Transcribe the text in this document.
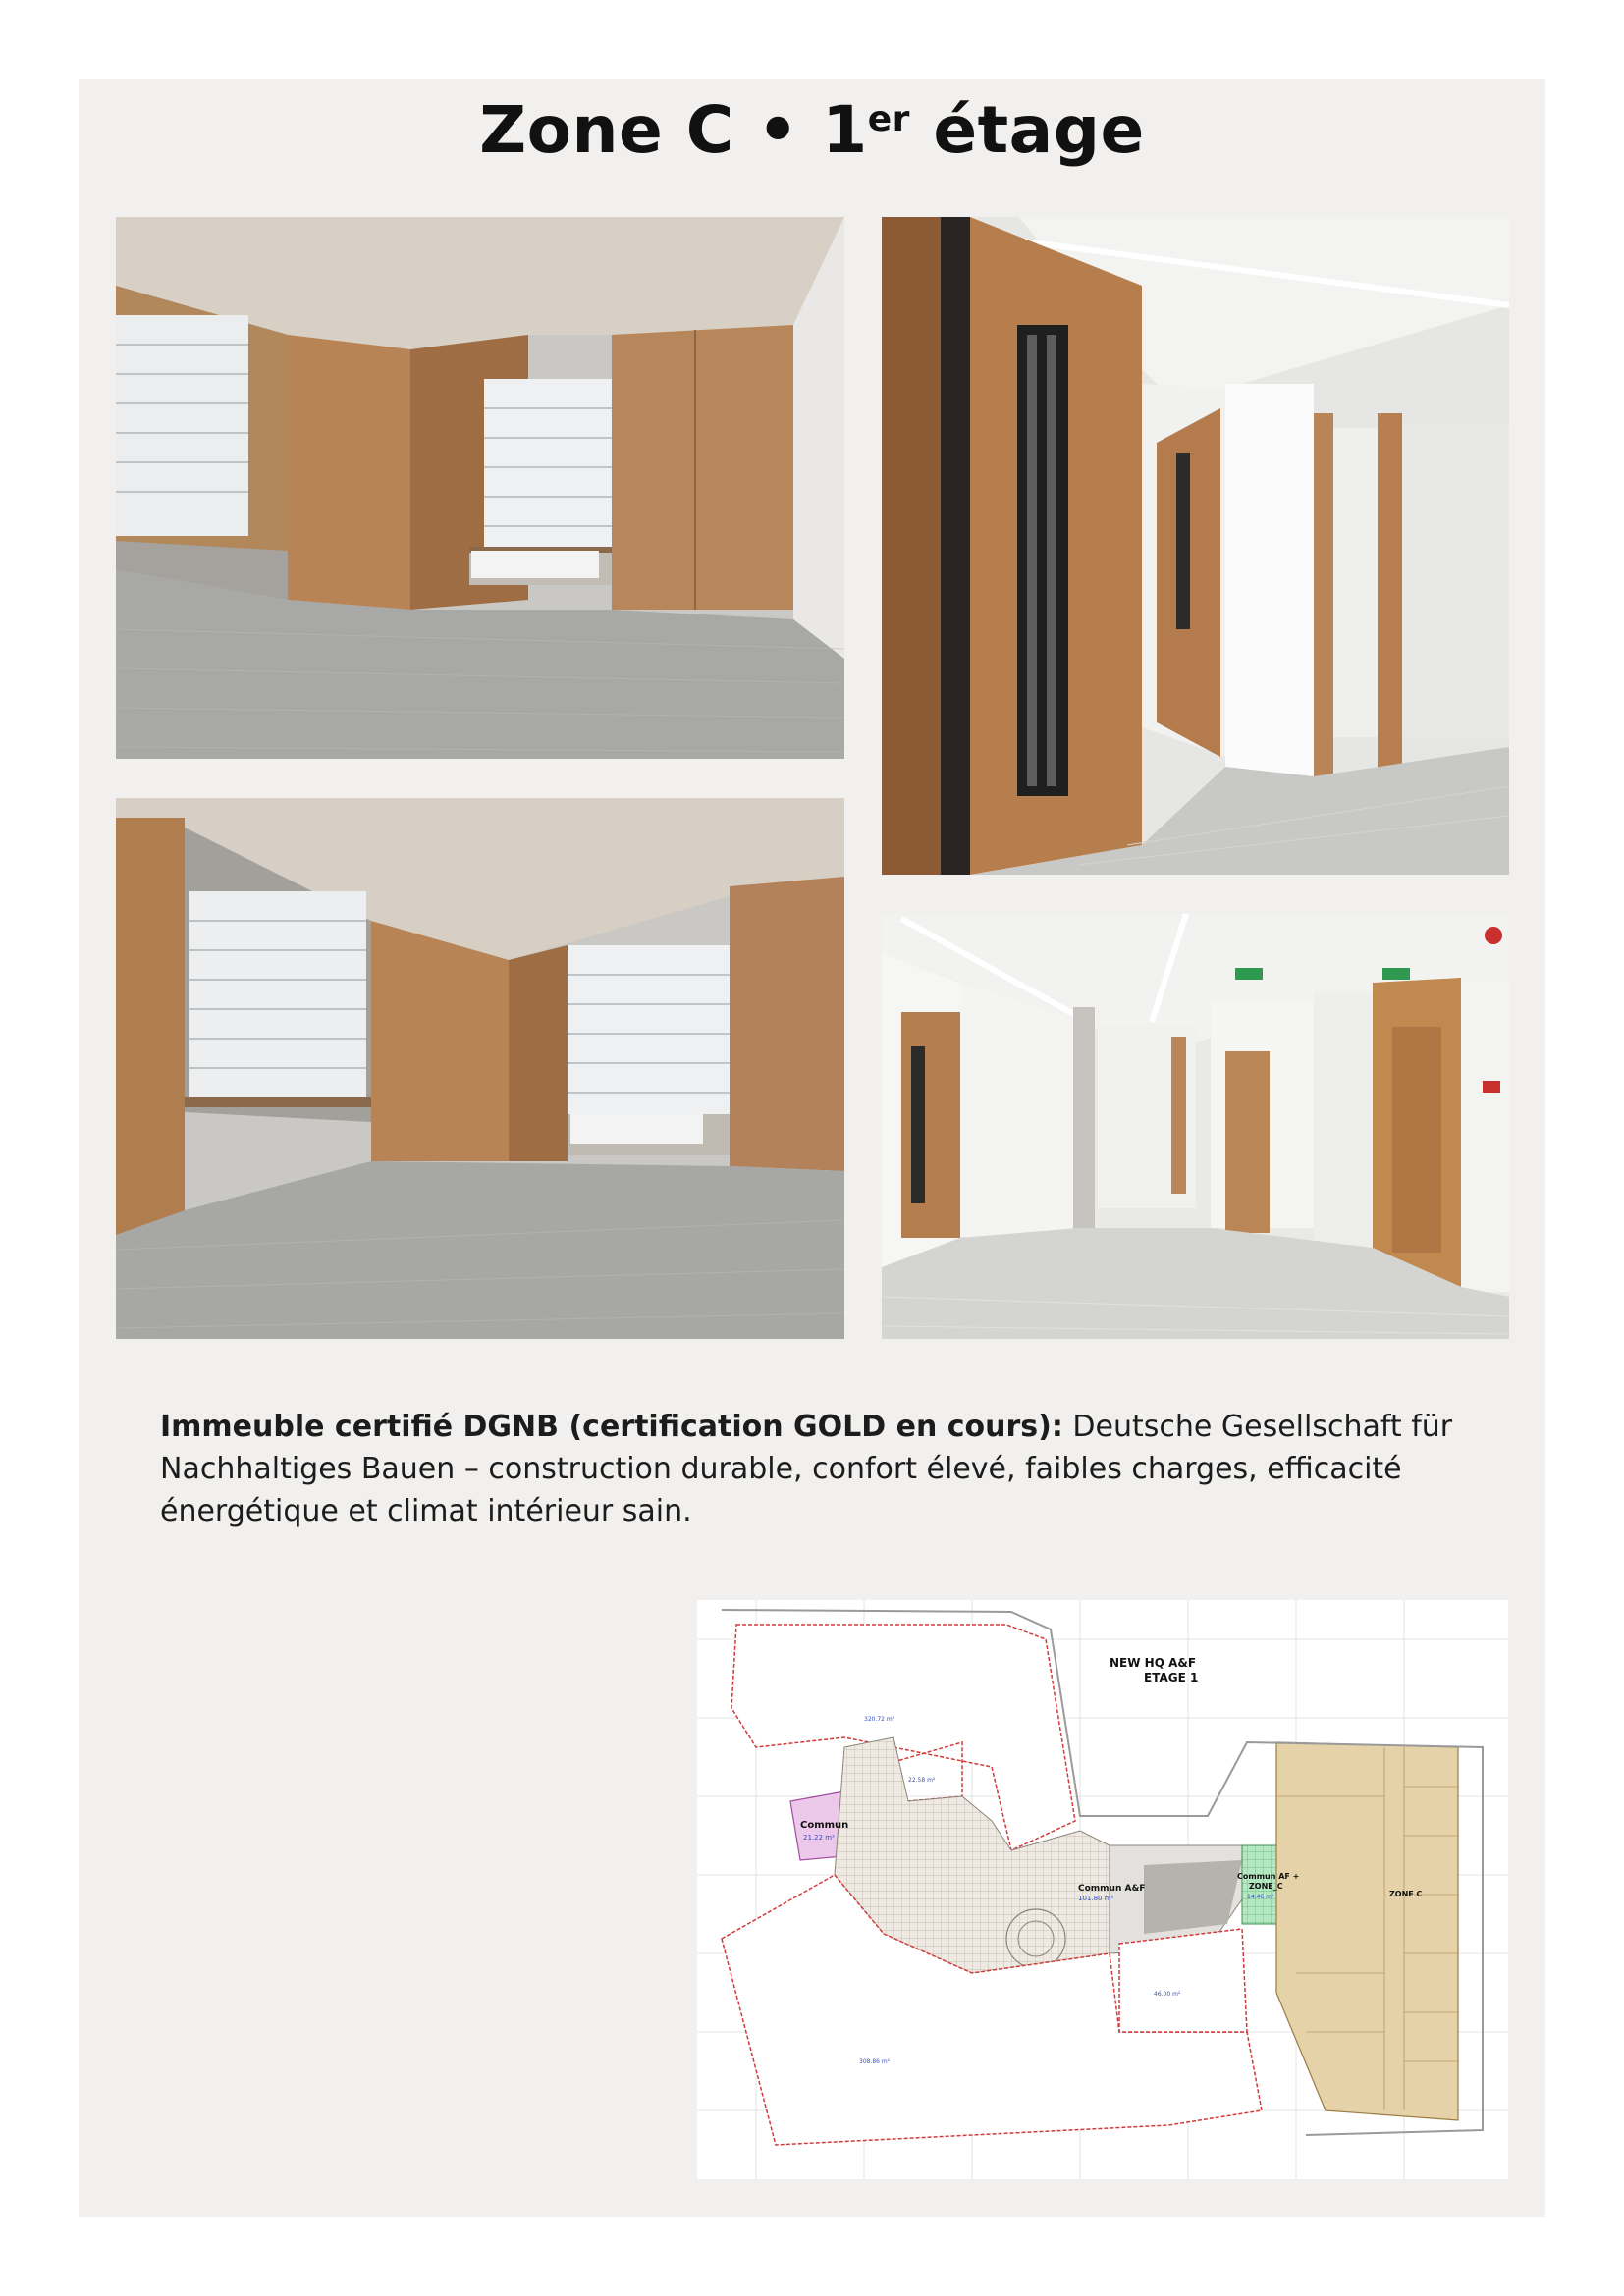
Zone C • 1er étage

Immeuble certifié DGNB (certification GOLD en cours): Deutsche Gesellschaft für Nachhaltiges Bauen – construction durable, confort élevé, faibles charges, efficacité énergétique et climat intérieur sain.

NEW HQ A&F
ETAGE 1
Commun
21.22 m²
Commun A&F
101.80 m²
Commun AF +
ZONE_C
14.46 m²	ZONE C
320.72 m²
22.58 m²
308.86 m²
46.00 m²
